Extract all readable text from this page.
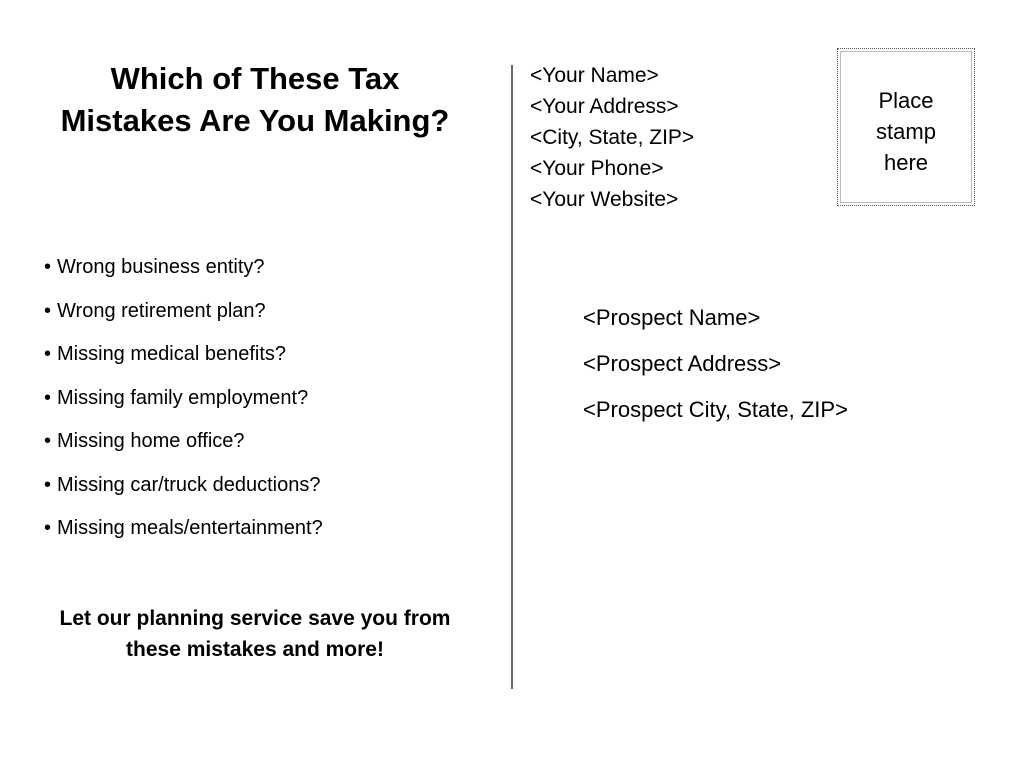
Which of These Tax Mistakes Are You Making?
• Wrong business entity?
• Wrong retirement plan?
• Missing medical benefits?
• Missing family employment?
• Missing home office?
• Missing car/truck deductions?
• Missing meals/entertainment?

Let our planning service save you from these mistakes and more!

<Your Name>
<Your Address>
<City, State, ZIP>
<Your Phone>
<Your Website>
Place
stamp
here
<Prospect Name>
<Prospect Address>
<Prospect City, State, ZIP>
